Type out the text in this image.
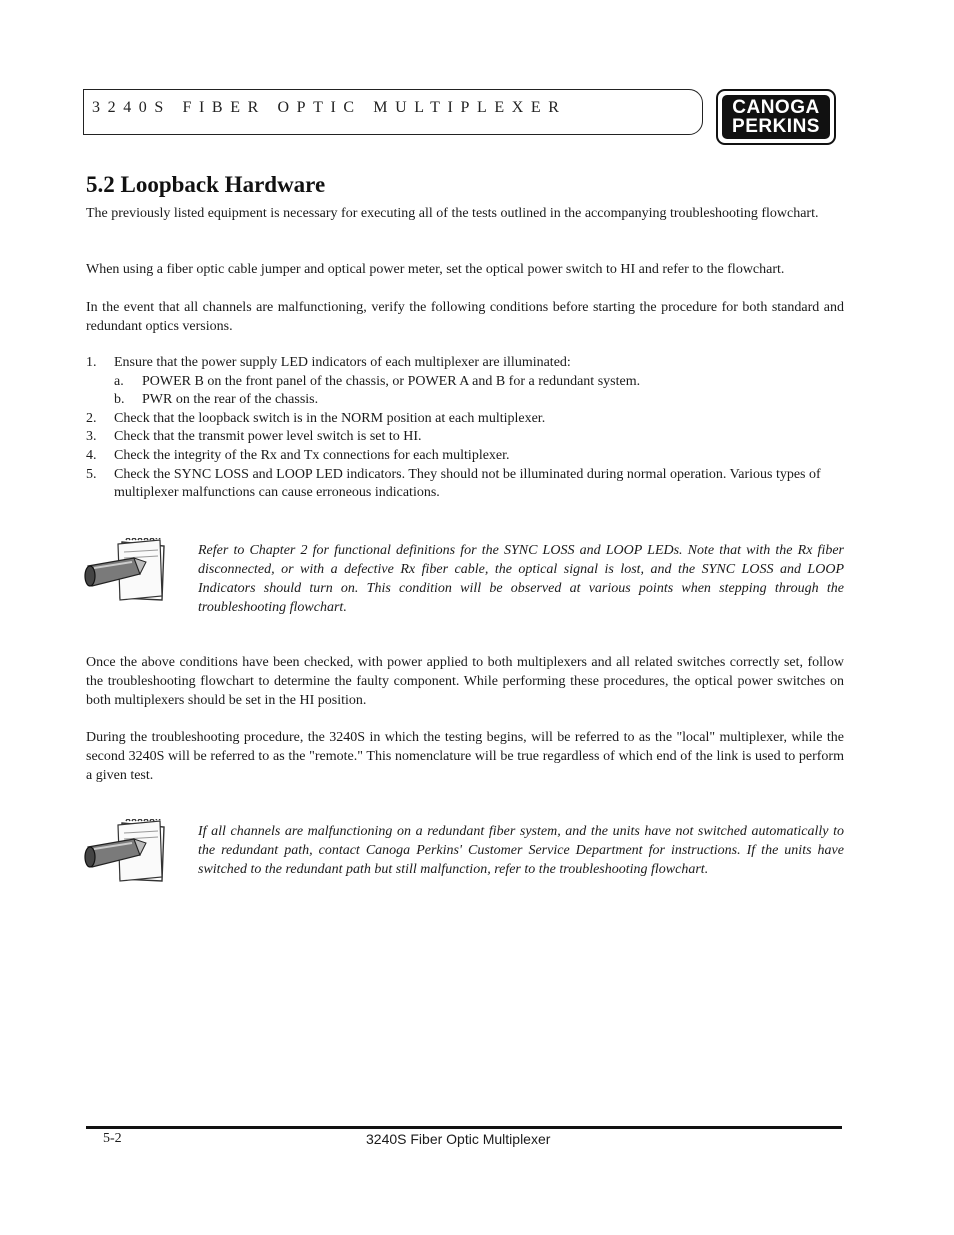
3240S FIBER OPTIC MULTIPLEXER	CANOGA
PERKINS
5.2 Loopback Hardware

The previously listed equipment is necessary for executing all of the tests outlined in the accompanying troubleshooting flowchart.

When using a fiber optic cable jumper and optical power meter, set the optical power switch to HI and refer to the flowchart.

In the event that all channels are malfunctioning, verify the following conditions before starting the procedure for both standard and redundant optics versions.

1.	Ensure that the power supply LED indicators of each multiplexer are illuminated:
a.	POWER B on the front panel of the chassis, or POWER A and B for a redundant system.
b.	PWR on the rear of the chassis.
2.	Check that the loopback switch is in the NORM position at each multiplexer.
3.	Check that the transmit power level switch is set to HI.
4.	Check the integrity of the Rx and Tx connections for each multiplexer.
5.	Check the SYNC LOSS and LOOP LED indicators. They should not be illuminated during normal operation. Various types of multiplexer malfunctions can cause erroneous indications.

Refer to Chapter 2 for functional definitions for the SYNC LOSS and LOOP LEDs. Note that with the Rx fiber disconnected, or with a defective Rx fiber cable, the optical signal is lost, and the SYNC LOSS and LOOP Indicators should turn on. This condition will be observed at various points when stepping through the troubleshooting flowchart.

Once the above conditions have been checked, with power applied to both multiplexers and all related switches correctly set, follow the troubleshooting flowchart to determine the faulty component. While performing these procedures, the optical power switches on both multiplexers should be set in the HI position.

During the troubleshooting procedure, the 3240S in which the testing begins, will be referred to as the "local" multiplexer, while the second 3240S will be referred to as the "remote." This nomenclature will be true regardless of which end of the link is used to perform a given test.

If all channels are malfunctioning on a redundant fiber system, and the units have not switched automatically to the redundant path, contact Canoga Perkins' Customer Service Department for instructions. If the units have switched to the redundant path but still malfunction, refer to the troubleshooting flowchart.

5-2	3240S Fiber Optic Multiplexer
